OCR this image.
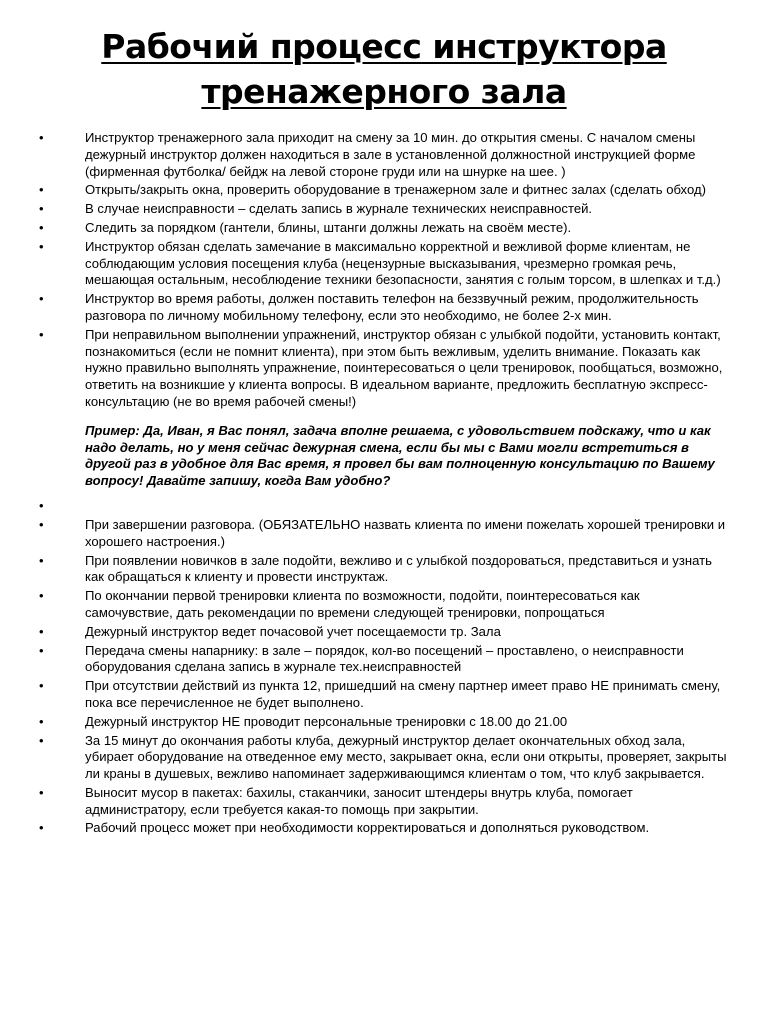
Рабочий процесс инструктора
тренажерного зала
•	Инструктор тренажерного зала приходит на смену за 10 мин. до открытия смены. С началом смены дежурный инструктор должен находиться в зале в установленной должностной инструкцией форме (фирменная футболка/ бейдж на левой стороне груди или на шнурке на шее. )
•	Открыть/закрыть окна, проверить оборудование в тренажерном зале и фитнес залах (сделать обход)
•	В случае неисправности – сделать запись в журнале технических неисправностей.
•	Следить за порядком (гантели, блины, штанги должны лежать на своём месте).
•	Инструктор обязан сделать замечание в максимально корректной и вежливой форме клиентам, не соблюдающим условия посещения клуба (нецензурные высказывания, чрезмерно громкая речь, мешающая остальным, несоблюдение техники безопасности, занятия с голым торсом, в шлепках и т.д.)
•	Инструктор во время работы, должен поставить телефон на беззвучный режим, продолжительность разговора по личному мобильному телефону, если это необходимо, не более 2-х мин.
•	При неправильном выполнении упражнений, инструктор обязан с улыбкой подойти, установить контакт, познакомиться (если не помнит клиента), при этом быть вежливым, уделить внимание. Показать как нужно правильно выполнять упражнение, поинтересоваться о цели тренировок, пообщаться, возможно, ответить на возникшие у клиента вопросы. В идеальном варианте, предложить бесплатную экспресс-консультацию (не во время рабочей смены!)
Пример: Да, Иван, я Вас понял, задача вполне решаема, с удовольствием подскажу, что и как надо делать, но у меня сейчас дежурная смена, если бы мы с Вами могли встретиться в другой раз в удобное для Вас время, я провел бы вам полноценную консультацию по Вашему вопросу! Давайте запишу, когда Вам удобно?
•
•	При завершении разговора. (ОБЯЗАТЕЛЬНО назвать клиента по имени пожелать хорошей тренировки и хорошего настроения.)
•	При появлении новичков в зале подойти, вежливо и с улыбкой поздороваться, представиться и узнать как обращаться к клиенту и провести инструктаж.
•	По окончании первой тренировки клиента по возможности, подойти, поинтересоваться как самочувствие, дать рекомендации по времени следующей тренировки, попрощаться
•	Дежурный инструктор ведет почасовой учет посещаемости тр. Зала
•	Передача смены напарнику: в зале – порядок, кол-во посещений – проставлено, о неисправности оборудования сделана запись в журнале тех.неисправностей
•	При отсутствии действий из пункта 12, пришедший на смену партнер имеет право НЕ принимать смену, пока все перечисленное не будет выполнено.
•	Дежурный инструктор НЕ проводит персональные тренировки с 18.00 до 21.00
•	За 15 минут до окончания работы клуба, дежурный инструктор делает окончательных обход зала, убирает оборудование на отведенное ему место, закрывает окна, если они открыты, проверяет, закрыты ли краны в душевых, вежливо напоминает задерживающимся клиентам о том, что клуб закрывается.
•	Выносит мусор в пакетах: бахилы, стаканчики, заносит штендеры внутрь клуба, помогает администратору, если требуется какая-то помощь при закрытии.
•	Рабочий процесс может при необходимости корректироваться и дополняться руководством.
